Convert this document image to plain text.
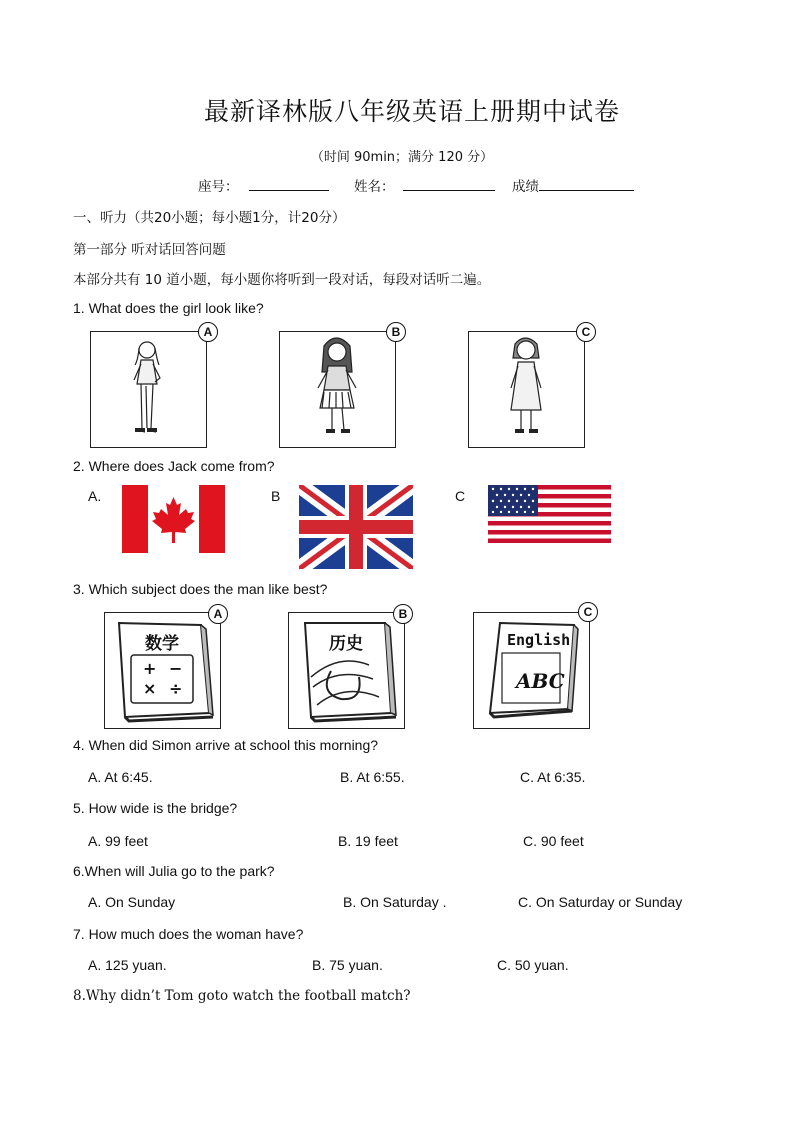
最新译林版八年级英语上册期中试卷
（时间 90min；满分 120 分）
座号：	姓名：	成绩
一、听力（共20小题；每小题1分，计20分）
第一部分 听对话回答问题
本部分共有 10 道小题，每小题你将听到一段对话，每段对话听二遍。
1. What does the girl look like?
A	B	C
2. Where does Jack come from?
A.	B	C
3. Which subject does the man like best?
数学
+ −
× ÷
A
历史
B
English
ABC
C
4. When did Simon arrive at school this morning?
A. At 6:45.	B. At 6:55.	C. At 6:35.
5. How wide is the bridge?
A. 99 feet	B. 19 feet	C. 90 feet
6.When will Julia go to the park?
A. On Sunday	B. On Saturday .	C. On Saturday or Sunday
7. How much does the woman have?
A. 125 yuan.	B. 75 yuan.	C. 50 yuan.
8.Why didn’t Tom goto watch the football match?
